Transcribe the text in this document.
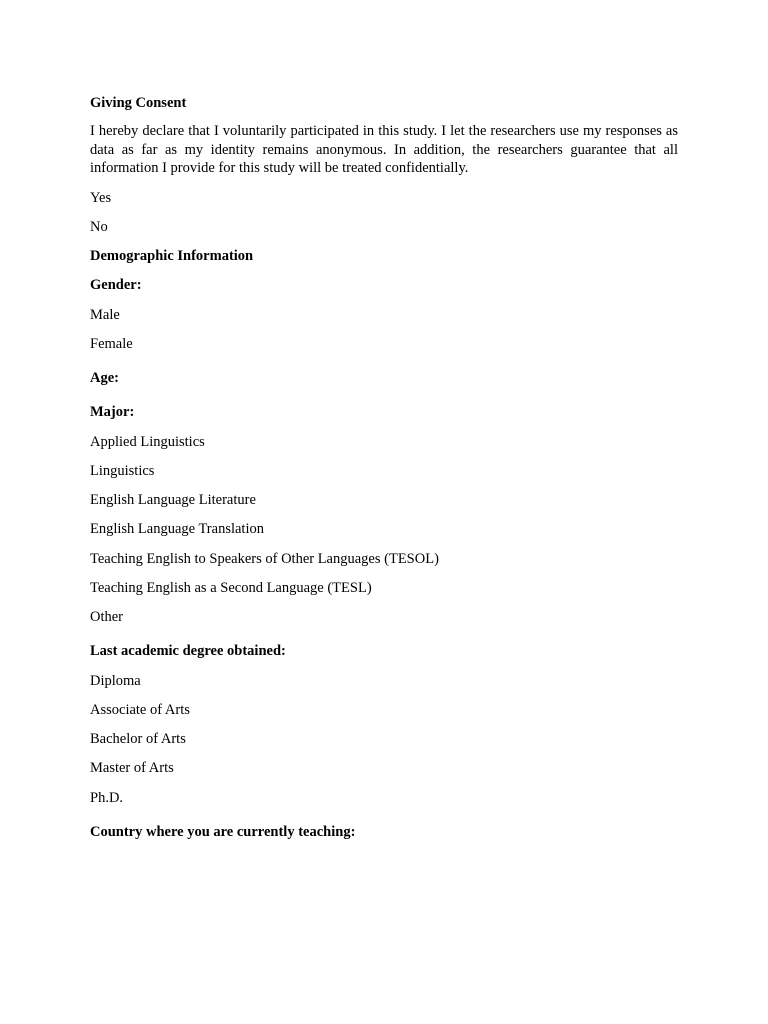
Giving Consent
I hereby declare that I voluntarily participated in this study. I let the researchers use my responses as data as far as my identity remains anonymous. In addition, the researchers guarantee that all information I provide for this study will be treated confidentially.
Yes
No
Demographic Information
Gender:
Male
Female
Age:
Major:
Applied Linguistics
Linguistics
English Language Literature
English Language Translation
Teaching English to Speakers of Other Languages (TESOL)
Teaching English as a Second Language (TESL)
Other
Last academic degree obtained:
Diploma
Associate of Arts
Bachelor of Arts
Master of Arts
Ph.D.
Country where you are currently teaching:
